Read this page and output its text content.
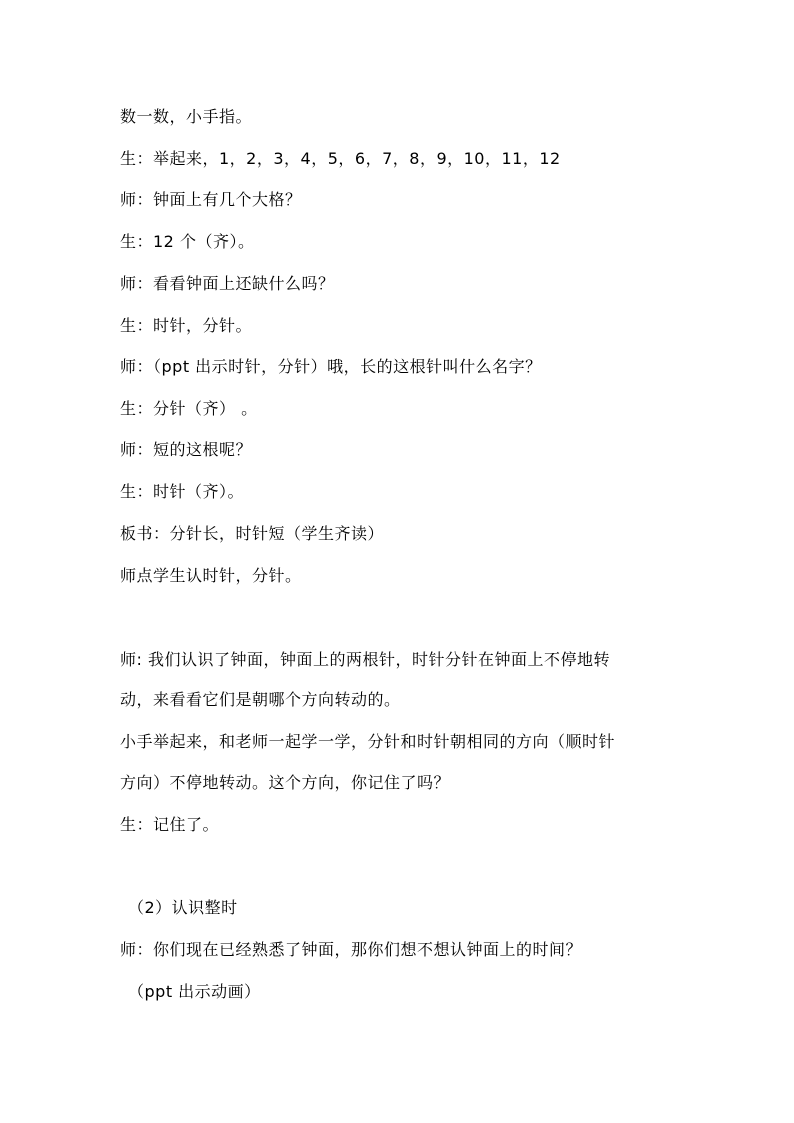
数一数，小手指。
生：举起来，1，2，3，4，5，6，7，8，9，10，11，12
师：钟面上有几个大格？
生：12 个（齐）。
师：看看钟面上还缺什么吗？
生：时针，分针。
师：（ppt 出示时针，分针）哦，长的这根针叫什么名字？
生：分针（齐） 。
师：短的这根呢？
生：时针（齐）。
板书：分针长，时针短（学生齐读）
师点学生认时针，分针。
师: 我们认识了钟面，钟面上的两根针，时针分针在钟面上不停地转
动，来看看它们是朝哪个方向转动的。
小手举起来，和老师一起学一学，分针和时针朝相同的方向（顺时针
方向）不停地转动。这个方向，你记住了吗？
生：记住了。
（2）认识整时
师：你们现在已经熟悉了钟面，那你们想不想认钟面上的时间？
（ppt 出示动画）
